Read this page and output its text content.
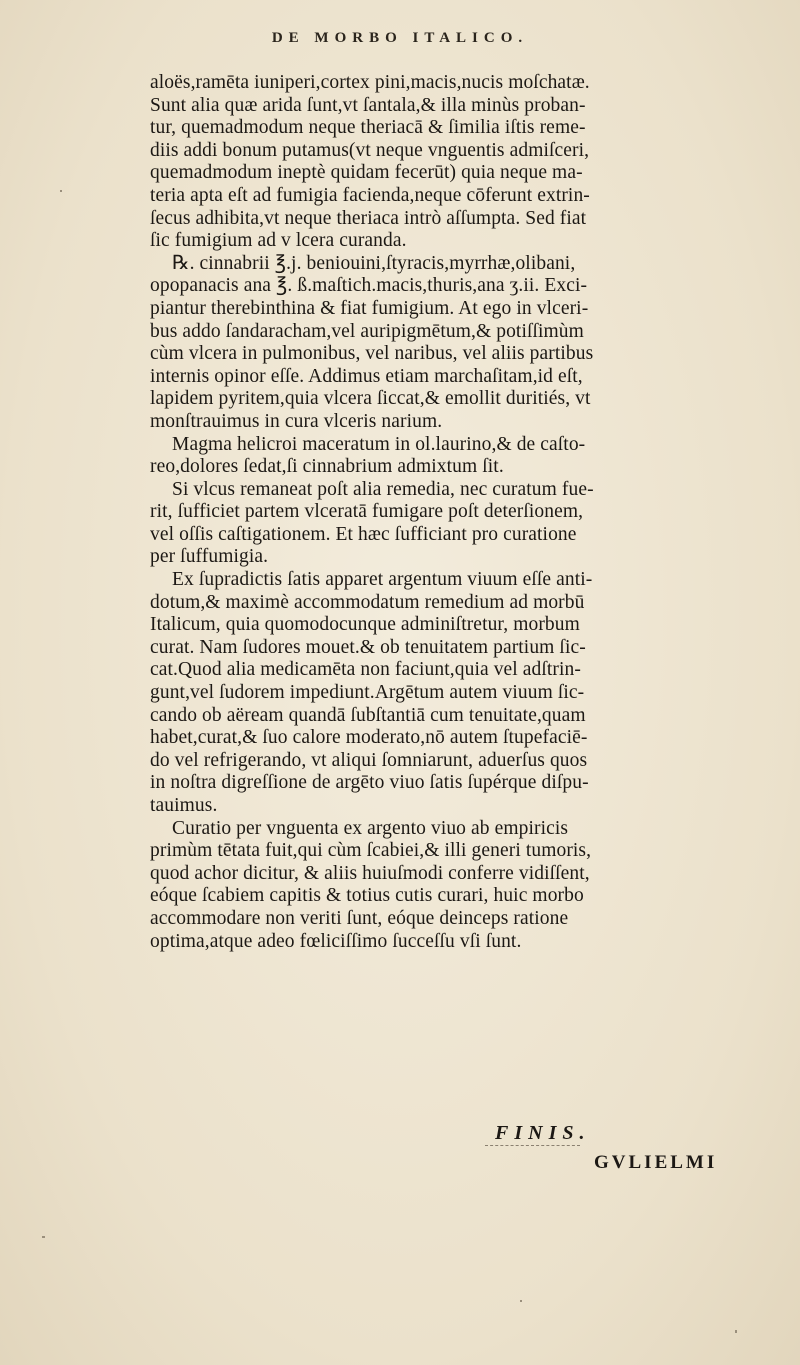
DE MORBO ITALICO.
aloës,ramēta iuniperi,cortex pini,macis,nucis moſchatæ.
Sunt alia quæ arida ſunt,vt ſantala,& illa minùs proban-
tur, quemadmodum neque theriacā & ſimilia iſtis reme-
diis addi bonum putamus(vt neque vnguentis admiſceri,
quemadmodum ineptè quidam fecerūt) quia neque ma-
teria apta eſt ad fumigia facienda,neque cōferunt extrin-
ſecus adhibita,vt neque theriaca intrò aſſumpta. Sed fiat
ſic fumigium ad v lcera curanda.
℞. cinnabrii ℥.j. beniouini,ſtyracis,myrrhæ,olibani,
opopanacis ana ℥. ß.maſtich.macis,thuris,ana ʒ.ii. Exci-
piantur therebinthina & fiat fumigium. At ego in vlceri-
bus addo ſandaracham,vel auripigmētum,& potiſſimùm
cùm vlcera in pulmonibus, vel naribus, vel aliis partibus
internis opinor eſſe. Addimus etiam marchaſitam,id eſt,
lapidem pyritem,quia vlcera ſiccat,& emollit duritiés, vt
monſtrauimus in cura vlceris narium.
Magma helicroi maceratum in ol.laurino,& de caſto-
reo,dolores ſedat,ſi cinnabrium admixtum ſit.
Si vlcus remaneat poſt alia remedia, nec curatum fue-
rit, ſufficiet partem vlceratā fumigare poſt deterſionem,
vel oſſis caſtigationem. Et hæc ſufficiant pro curatione
per ſuffumigia.
Ex ſupradictis ſatis apparet argentum viuum eſſe anti-
dotum,& maximè accommodatum remedium ad morbū
Italicum, quia quomodocunque adminiſtretur, morbum
curat. Nam ſudores mouet.& ob tenuitatem partium ſic-
cat.Quod alia medicamēta non faciunt,quia vel adſtrin-
gunt,vel ſudorem impediunt.Argētum autem viuum ſic-
cando ob aëream quandā ſubſtantiā cum tenuitate,quam
habet,curat,& ſuo calore moderato,nō autem ſtupefaciē-
do vel refrigerando, vt aliqui ſomniarunt, aduerſus quos
in noſtra digreſſione de argēto viuo ſatis ſupérque diſpu-
tauimus.
Curatio per vnguenta ex argento viuo ab empiricis
primùm tētata fuit,qui cùm ſcabiei,& illi generi tumoris,
quod achor dicitur, & aliis huiuſmodi conferre vidiſſent,
eóque ſcabiem capitis & totius cutis curari, huic morbo
accommodare non veriti ſunt, eóque deinceps ratione
optima,atque adeo fœliciſſimo ſucceſſu vſi ſunt.
FINIS.
GVLIELMI
